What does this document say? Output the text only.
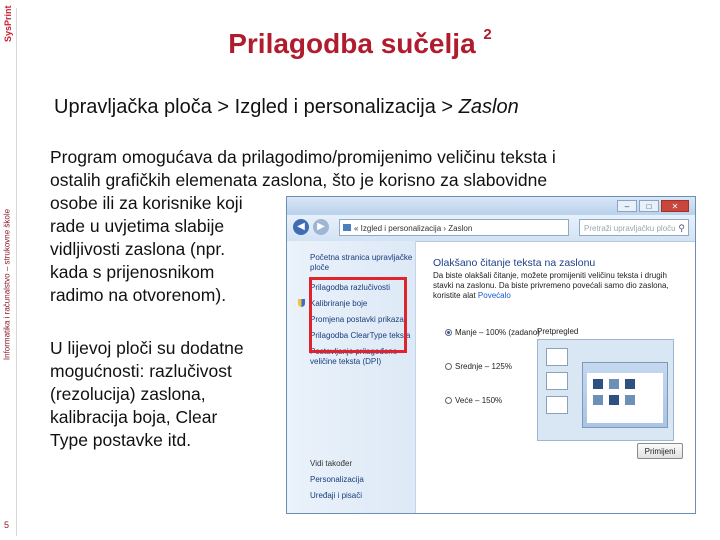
SysPrint
Informatika i računalstvo – strukovne škole
5
Prilagodba sučelja $^2$
Upravljačka ploča > Izgled i personalizacija > Zaslon
Program omogućava da prilagodimo/promijenimo veličinu teksta i
ostalih grafičkih elemenata zaslona, što je korisno za slabovidne
osobe ili za korisnike koji
rade u uvjetima slabije
vidljivosti zaslona (npr.
kada s prijenosnikom
radimo na otvorenom).
U lijevoj ploči su dodatne
mogućnosti: razlučivost
(rezolucija) zaslona,
kalibracija boja, Clear
Type postavke itd.
–	□	✕
◀	▶	« Izgled i personalizacija › Zaslon	Pretraži upravljačku ploču ⚲
Početna stranica upravljačke
ploče
Prilagodba razlučivosti
Kalibriranje boje
Promjena postavki prikaza
Prilagodba ClearType teksta
Postavljanje prilagođene
veličine teksta (DPI)
Vidi također
Personalizacija
Uređaji i pisači
Olakšano čitanje teksta na zaslonu
Da biste olakšali čitanje, možete promijeniti veličinu teksta i drugih stavki na zaslonu. Da biste privremeno povećali samo dio zaslona, koristite alat Povećalo
Manje – 100% (zadano)
Srednje – 125%
Veće – 150%
Pretpregled
Primijeni
